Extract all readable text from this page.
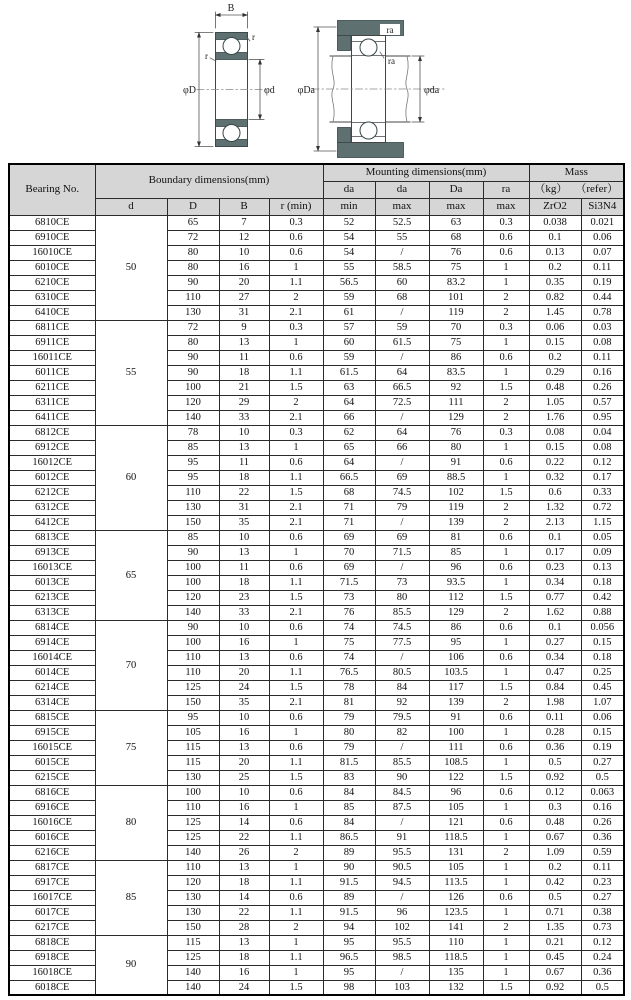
B
φD	φd
r
r
φDa	φda
ra
ra
Bearing No.	Boundary dimensions(mm)				Mounting dimensions(mm)				Mass	
					da	da	Da	ra	（kg） （refer）	
	d	D	B	r (min)	min	max	max	max	ZrO2	Si3N4
6810CE	50	65	7	0.3	52	52.5	63	0.3	0.038	0.021
6910CE		72	12	0.6	54	55	68	0.6	0.1	0.06
16010CE		80	10	0.6	54	/	76	0.6	0.13	0.07
6010CE		80	16	1	55	58.5	75	1	0.2	0.11
6210CE		90	20	1.1	56.5	60	83.2	1	0.35	0.19
6310CE		110	27	2	59	68	101	2	0.82	0.44
6410CE		130	31	2.1	61	/	119	2	1.45	0.78
6811CE	55	72	9	0.3	57	59	70	0.3	0.06	0.03
6911CE		80	13	1	60	61.5	75	1	0.15	0.08
16011CE		90	11	0.6	59	/	86	0.6	0.2	0.11
6011CE		90	18	1.1	61.5	64	83.5	1	0.29	0.16
6211CE		100	21	1.5	63	66.5	92	1.5	0.48	0.26
6311CE		120	29	2	64	72.5	111	2	1.05	0.57
6411CE		140	33	2.1	66	/	129	2	1.76	0.95
6812CE	60	78	10	0.3	62	64	76	0.3	0.08	0.04
6912CE		85	13	1	65	66	80	1	0.15	0.08
16012CE		95	11	0.6	64	/	91	0.6	0.22	0.12
6012CE		95	18	1.1	66.5	69	88.5	1	0.32	0.17
6212CE		110	22	1.5	68	74.5	102	1.5	0.6	0.33
6312CE		130	31	2.1	71	79	119	2	1.32	0.72
6412CE		150	35	2.1	71	/	139	2	2.13	1.15
6813CE	65	85	10	0.6	69	69	81	0.6	0.1	0.05
6913CE		90	13	1	70	71.5	85	1	0.17	0.09
16013CE		100	11	0.6	69	/	96	0.6	0.23	0.13
6013CE		100	18	1.1	71.5	73	93.5	1	0.34	0.18
6213CE		120	23	1.5	73	80	112	1.5	0.77	0.42
6313CE		140	33	2.1	76	85.5	129	2	1.62	0.88
6814CE	70	90	10	0.6	74	74.5	86	0.6	0.1	0.056
6914CE		100	16	1	75	77.5	95	1	0.27	0.15
16014CE		110	13	0.6	74	/	106	0.6	0.34	0.18
6014CE		110	20	1.1	76.5	80.5	103.5	1	0.47	0.25
6214CE		125	24	1.5	78	84	117	1.5	0.84	0.45
6314CE		150	35	2.1	81	92	139	2	1.98	1.07
6815CE	75	95	10	0.6	79	79.5	91	0.6	0.11	0.06
6915CE		105	16	1	80	82	100	1	0.28	0.15
16015CE		115	13	0.6	79	/	111	0.6	0.36	0.19
6015CE		115	20	1.1	81.5	85.5	108.5	1	0.5	0.27
6215CE		130	25	1.5	83	90	122	1.5	0.92	0.5
6816CE	80	100	10	0.6	84	84.5	96	0.6	0.12	0.063
6916CE		110	16	1	85	87.5	105	1	0.3	0.16
16016CE		125	14	0.6	84	/	121	0.6	0.48	0.26
6016CE		125	22	1.1	86.5	91	118.5	1	0.67	0.36
6216CE		140	26	2	89	95.5	131	2	1.09	0.59
6817CE	85	110	13	1	90	90.5	105	1	0.2	0.11
6917CE		120	18	1.1	91.5	94.5	113.5	1	0.42	0.23
16017CE		130	14	0.6	89	/	126	0.6	0.5	0.27
6017CE		130	22	1.1	91.5	96	123.5	1	0.71	0.38
6217CE		150	28	2	94	102	141	2	1.35	0.73
6818CE	90	115	13	1	95	95.5	110	1	0.21	0.12
6918CE		125	18	1.1	96.5	98.5	118.5	1	0.45	0.24
16018CE		140	16	1	95	/	135	1	0.67	0.36
6018CE		140	24	1.5	98	103	132	1.5	0.92	0.5
